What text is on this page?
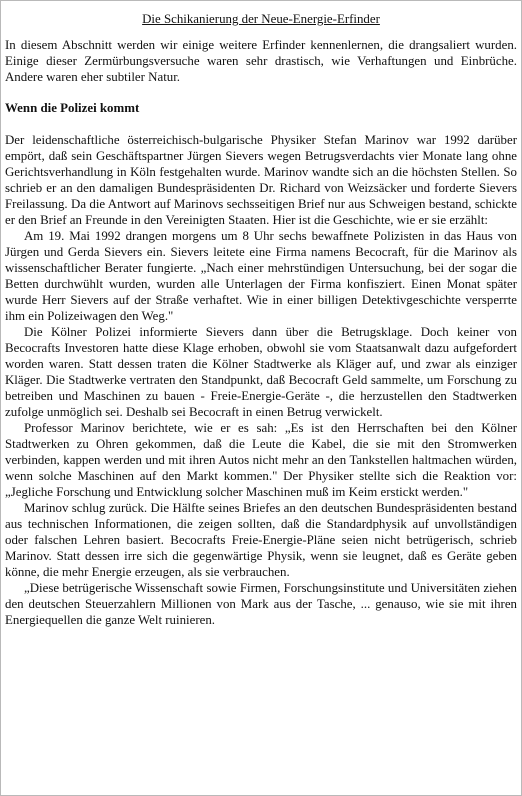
Die Schikanierung der Neue-Energie-Erfinder

In diesem Abschnitt werden wir einige weitere Erfinder kennenlernen, die drangsaliert wurden. Einige dieser Zermürbungsversuche waren sehr drastisch, wie Verhaftungen und Einbrüche. Andere waren eher subtiler Natur.

Wenn die Polizei kommt

Der leidenschaftliche österreichisch-bulgarische Physiker Stefan Marinov war 1992 darüber empört, daß sein Geschäftspartner Jürgen Sievers wegen Betrugsverdachts vier Monate lang ohne Gerichtsverhandlung in Köln festgehalten wurde. Marinov wandte sich an die höchsten Stellen. So schrieb er an den damaligen Bundespräsidenten Dr. Richard von Weizsäcker und forderte Sievers Freilassung. Da die Antwort auf Marinovs sechsseitigen Brief nur aus Schweigen bestand, schickte er den Brief an Freunde in den Vereinigten Staaten. Hier ist die Geschichte, wie er sie erzählt:

Am 19. Mai 1992 drangen morgens um 8 Uhr sechs bewaffnete Polizisten in das Haus von Jürgen und Gerda Sievers ein. Sievers leitete eine Firma namens Becocraft, für die Marinov als wissenschaftlicher Berater fungierte. „Nach einer mehrstündigen Untersuchung, bei der sogar die Betten durchwühlt wurden, wurden alle Unterlagen der Firma konfisziert. Einen Monat später wurde Herr Sievers auf der Straße verhaftet. Wie in einer billigen Detektivgeschichte versperrte ihm ein Polizeiwagen den Weg."

Die Kölner Polizei informierte Sievers dann über die Betrugsklage. Doch keiner von Becocrafts Investoren hatte diese Klage erhoben, obwohl sie vom Staatsanwalt dazu aufgefordert worden waren. Statt dessen traten die Kölner Stadtwerke als Kläger auf, und zwar als einziger Kläger. Die Stadtwerke vertraten den Standpunkt, daß Becocraft Geld sammelte, um Forschung zu betreiben und Maschinen zu bauen - Freie-Energie-Geräte -, die herzustellen den Stadtwerken zufolge unmöglich sei. Deshalb sei Becocraft in einen Betrug verwickelt.

Professor Marinov berichtete, wie er es sah: „Es ist den Herrschaften bei den Kölner Stadtwerken zu Ohren gekommen, daß die Leute die Kabel, die sie mit den Stromwerken verbinden, kappen werden und mit ihren Autos nicht mehr an den Tankstellen haltmachen würden, wenn solche Maschinen auf den Markt kommen." Der Physiker stellte sich die Reaktion vor: „Jegliche Forschung und Entwicklung solcher Maschinen muß im Keim erstickt werden."

Marinov schlug zurück. Die Hälfte seines Briefes an den deutschen Bundespräsidenten bestand aus technischen Informationen, die zeigen sollten, daß die Standardphysik auf unvollständigen oder falschen Lehren basiert. Becocrafts Freie-Energie-Pläne seien nicht betrügerisch, schrieb Marinov. Statt dessen irre sich die gegenwärtige Physik, wenn sie leugnet, daß es Geräte geben könne, die mehr Energie erzeugen, als sie verbrauchen.

„Diese betrügerische Wissenschaft sowie Firmen, Forschungsinstitute und Universitäten ziehen den deutschen Steuerzahlern Millionen von Mark aus der Tasche, ... genauso, wie sie mit ihren Energiequellen die ganze Welt ruinieren.
